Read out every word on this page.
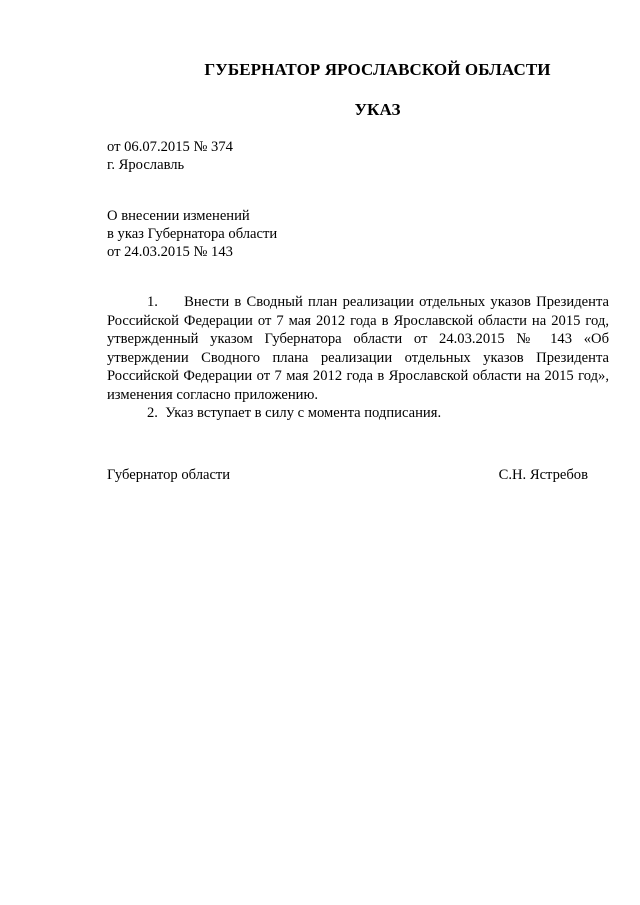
ГУБЕРНАТОР ЯРОСЛАВСКОЙ ОБЛАСТИ
УКАЗ
от 06.07.2015 № 374
г. Ярославль
О внесении изменений
в указ Губернатора области
от 24.03.2015 № 143

1.     Внести в Сводный план реализации отдельных указов Президента Российской Федерации от 7 мая 2012 года в Ярославской области на 2015 год, утвержденный указом Губернатора области от 24.03.2015 № 143 «Об утверждении Сводного плана реализации отдельных указов Президента Российской Федерации от 7 мая 2012 года в Ярославской области на 2015 год», изменения согласно приложению.

2.  Указ вступает в силу с момента подписания.

Губернатор области	С.Н. Ястребов
